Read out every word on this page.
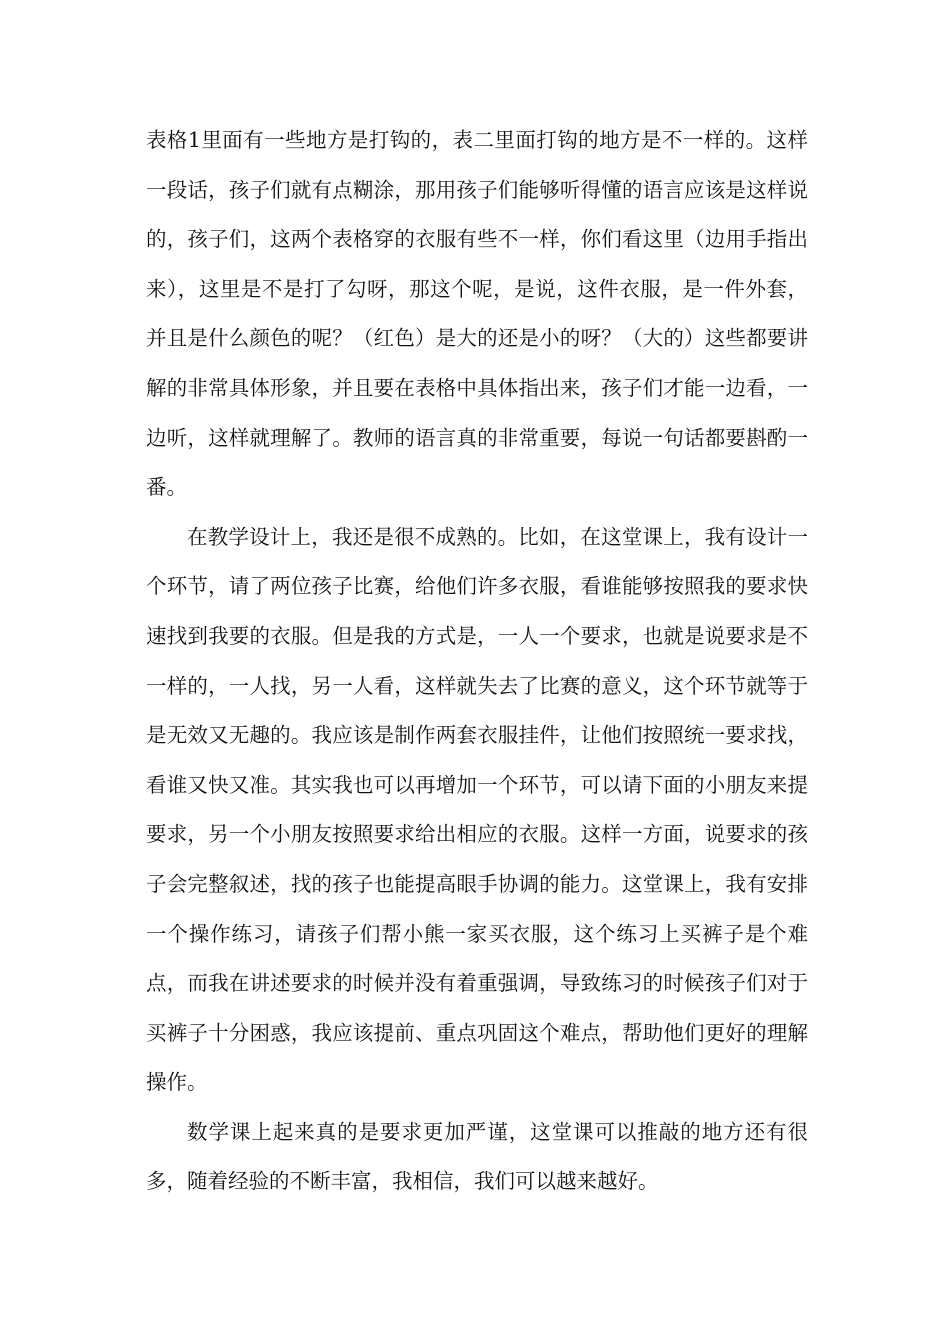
表格1里面有一些地方是打钩的，表二里面打钩的地方是不一样的。这样一段话，孩子们就有点糊涂，那用孩子们能够听得懂的语言应该是这样说的，孩子们，这两个表格穿的衣服有些不一样，你们看这里（边用手指出来），这里是不是打了勾呀，那这个呢，是说，这件衣服，是一件外套，并且是什么颜色的呢？（红色）是大的还是小的呀？（大的）这些都要讲解的非常具体形象，并且要在表格中具体指出来，孩子们才能一边看，一边听，这样就理解了。教师的语言真的非常重要，每说一句话都要斟酌一番。

在教学设计上，我还是很不成熟的。比如，在这堂课上，我有设计一个环节，请了两位孩子比赛，给他们许多衣服，看谁能够按照我的要求快速找到我要的衣服。但是我的方式是，一人一个要求，也就是说要求是不一样的，一人找，另一人看，这样就失去了比赛的意义，这个环节就等于是无效又无趣的。我应该是制作两套衣服挂件，让他们按照统一要求找，看谁又快又准。其实我也可以再增加一个环节，可以请下面的小朋友来提要求，另一个小朋友按照要求给出相应的衣服。这样一方面，说要求的孩子会完整叙述，找的孩子也能提高眼手协调的能力。这堂课上，我有安排一个操作练习，请孩子们帮小熊一家买衣服，这个练习上买裤子是个难点，而我在讲述要求的时候并没有着重强调，导致练习的时候孩子们对于买裤子十分困惑，我应该提前、重点巩固这个难点，帮助他们更好的理解操作。

数学课上起来真的是要求更加严谨，这堂课可以推敲的地方还有很多，随着经验的不断丰富，我相信，我们可以越来越好。
